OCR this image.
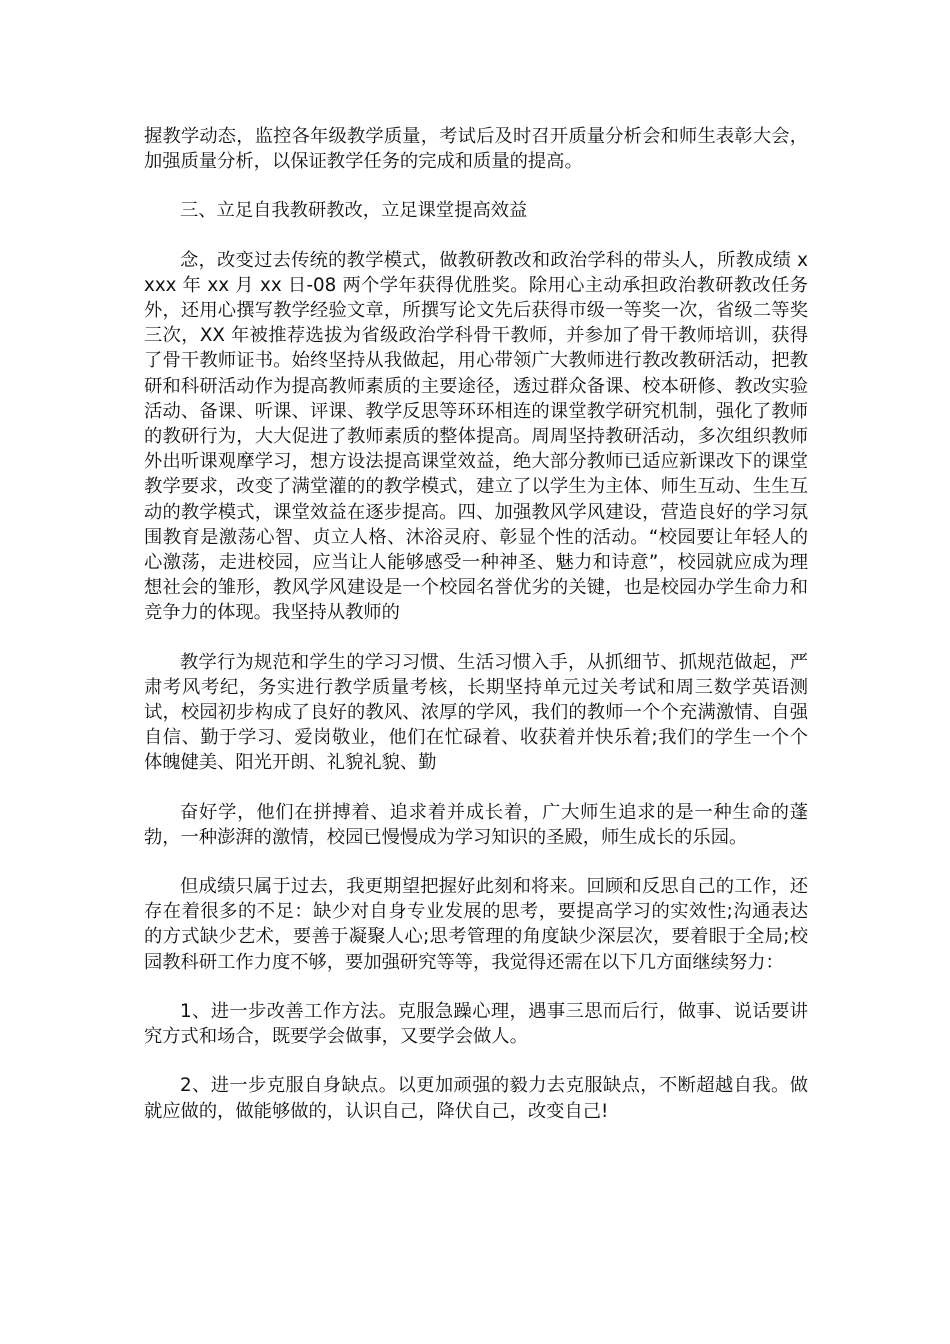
握教学动态，监控各年级教学质量，考试后及时召开质量分析会和师生表彰大会，加强质量分析，以保证教学任务的完成和质量的提高。

三、立足自我教研教改，立足课堂提高效益

念，改变过去传统的教学模式，做教研教改和政治学科的带头人，所教成绩 xxxx 年 xx 月 xx 日-08 两个学年获得优胜奖。除用心主动承担政治教研教改任务外，还用心撰写教学经验文章，所撰写论文先后获得市级一等奖一次，省级二等奖三次，XX 年被推荐选拔为省级政治学科骨干教师，并参加了骨干教师培训，获得了骨干教师证书。始终坚持从我做起，用心带领广大教师进行教改教研活动，把教研和科研活动作为提高教师素质的主要途径，透过群众备课、校本研修、教改实验活动、备课、听课、评课、教学反思等环环相连的课堂教学研究机制，强化了教师的教研行为，大大促进了教师素质的整体提高。周周坚持教研活动，多次组织教师外出听课观摩学习，想方设法提高课堂效益，绝大部分教师已适应新课改下的课堂教学要求，改变了满堂灌的的教学模式，建立了以学生为主体、师生互动、生生互动的教学模式，课堂效益在逐步提高。四、加强教风学风建设，营造良好的学习氛围教育是激荡心智、贞立人格、沐浴灵府、彰显个性的活动。“校园要让年轻人的心激荡，走进校园，应当让人能够感受一种神圣、魅力和诗意”，校园就应成为理想社会的雏形，教风学风建设是一个校园名誉优劣的关键，也是校园办学生命力和竞争力的体现。我坚持从教师的

教学行为规范和学生的学习习惯、生活习惯入手，从抓细节、抓规范做起，严肃考风考纪，务实进行教学质量考核，长期坚持单元过关考试和周三数学英语测试，校园初步构成了良好的教风、浓厚的学风，我们的教师一个个充满激情、自强自信、勤于学习、爱岗敬业，他们在忙碌着、收获着并快乐着;我们的学生一个个体魄健美、阳光开朗、礼貌礼貌、勤

奋好学，他们在拼搏着、追求着并成长着，广大师生追求的是一种生命的蓬勃，一种澎湃的激情，校园已慢慢成为学习知识的圣殿，师生成长的乐园。

但成绩只属于过去，我更期望把握好此刻和将来。回顾和反思自己的工作，还存在着很多的不足：缺少对自身专业发展的思考，要提高学习的实效性;沟通表达的方式缺少艺术，要善于凝聚人心;思考管理的角度缺少深层次，要着眼于全局;校园教科研工作力度不够，要加强研究等等，我觉得还需在以下几方面继续努力：

1、进一步改善工作方法。克服急躁心理，遇事三思而后行，做事、说话要讲究方式和场合，既要学会做事，又要学会做人。

2、进一步克服自身缺点。以更加顽强的毅力去克服缺点，不断超越自我。做就应做的，做能够做的，认识自己，降伏自己，改变自己!
